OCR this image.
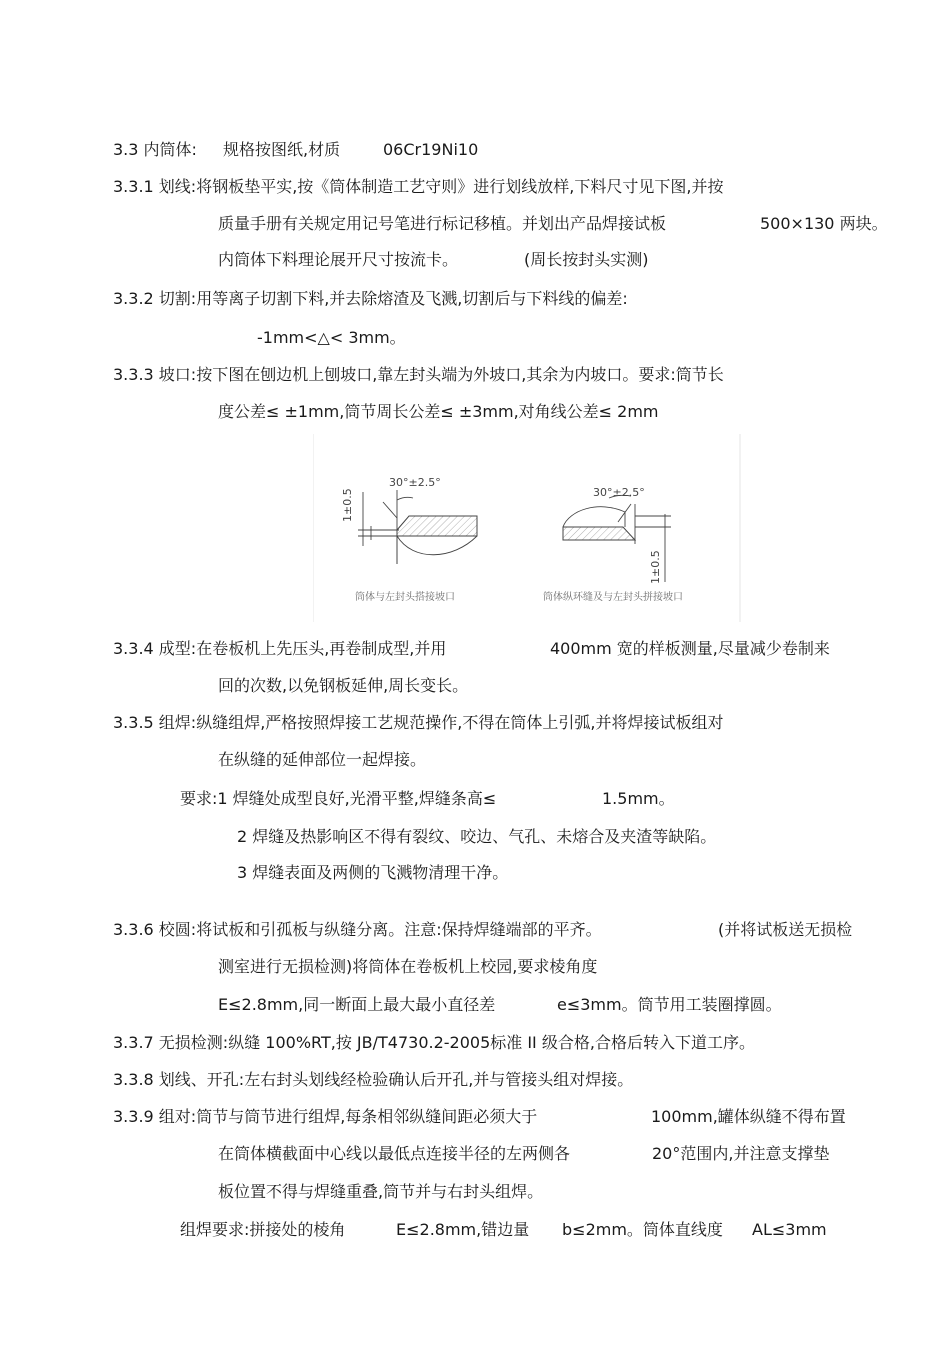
3.3 内筒体: 规格按图纸,材质	06Cr19Ni10
3.3.1 划线:将钢板垫平实,按《筒体制造工艺守则》进行划线放样,下料尺寸见下图,并按
质量手册有关规定用记号笔进行标记移植。并划出产品焊接试板	500×130 两块。
内筒体下料理论展开尺寸按流卡。	(周长按封头实测)
3.3.2 切割:用等离子切割下料,并去除熔渣及飞溅,切割后与下料线的偏差:
-1mm<△< 3mm。
3.3.3 坡口:按下图在刨边机上刨坡口,靠左封头端为外坡口,其余为内坡口。要求:筒节长
度公差≤ ±1mm,筒节周长公差≤ ±3mm,对角线公差≤ 2mm
30°±2.5°
1±0.5
筒体与左封头搭接坡口
30°±2.5°
1±0.5
筒体纵环缝及与左封头拼接坡口
3.3.4 成型:在卷板机上先压头,再卷制成型,并用	400mm 宽的样板测量,尽量减少卷制来
回的次数,以免钢板延伸,周长变长。
3.3.5 组焊:纵缝组焊,严格按照焊接工艺规范操作,不得在筒体上引弧,并将焊接试板组对
在纵缝的延伸部位一起焊接。
要求:1 焊缝处成型良好,光滑平整,焊缝条高≤	1.5mm。
2 焊缝及热影响区不得有裂纹、咬边、气孔、未熔合及夹渣等缺陷。
3 焊缝表面及两侧的飞溅物清理干净。
3.3.6 校圆:将试板和引孤板与纵缝分离。注意:保持焊缝端部的平齐。	(并将试板送无损检
测室进行无损检测)将筒体在卷板机上校园,要求棱角度
E≤2.8mm,同一断面上最大最小直径差	e≤3mm。筒节用工装圈撑圆。
3.3.7 无损检测:纵缝 100%RT,按 JB/T4730.2-2005标准 II 级合格,合格后转入下道工序。
3.3.8 划线、开孔:左右封头划线经检验确认后开孔,并与管接头组对焊接。
3.3.9 组对:筒节与筒节进行组焊,每条相邻纵缝间距必须大于	100mm,罐体纵缝不得布置
在筒体横截面中心线以最低点连接半径的左两侧各	20°范围内,并注意支撑垫
板位置不得与焊缝重叠,筒节并与右封头组焊。
组焊要求:拼接处的棱角	E≤2.8mm,错边量 b≤2mm。筒体直线度 AL≤3mm
